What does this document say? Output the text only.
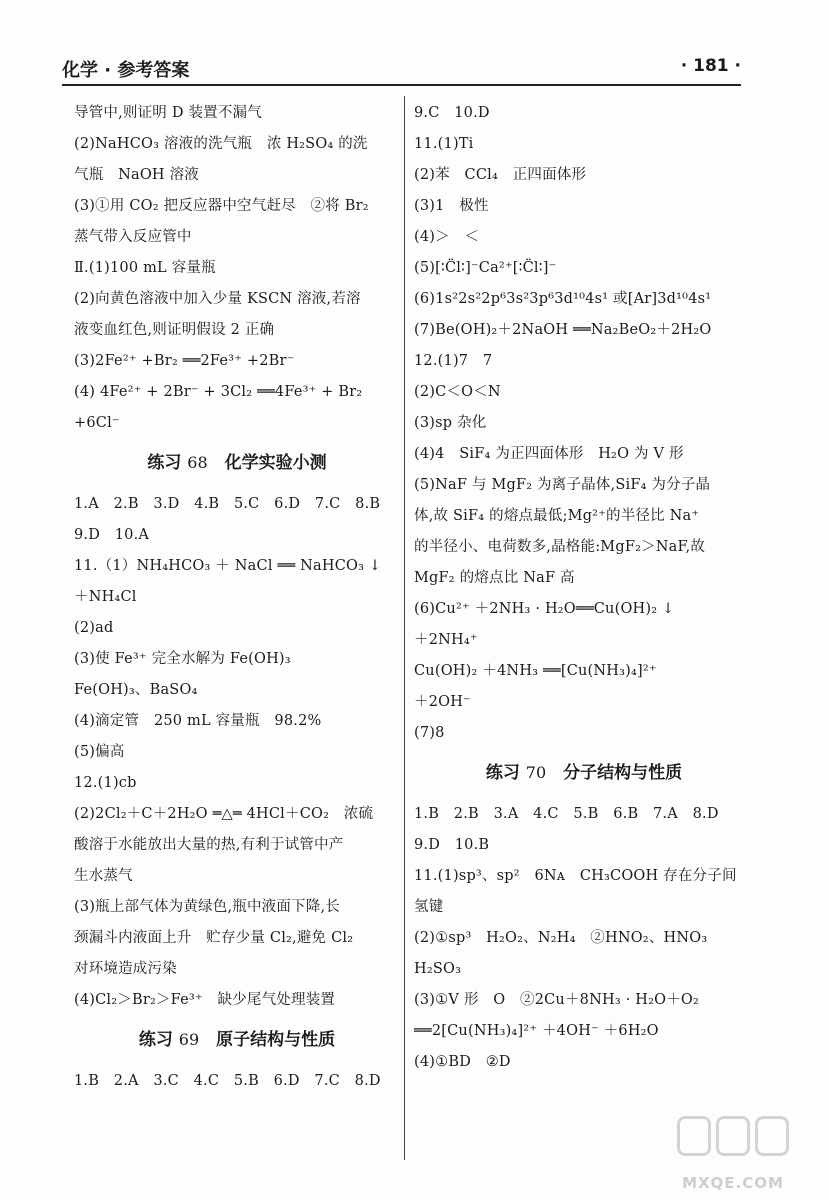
化学 · 参考答案	· 181 ·
导管中,则证明 D 装置不漏气
(2)NaHCO₃ 溶液的洗气瓶　浓 H₂SO₄ 的洗
气瓶　NaOH 溶液
(3)①用 CO₂ 把反应器中空气赶尽　②将 Br₂
蒸气带入反应管中
Ⅱ.(1)100 mL 容量瓶
(2)向黄色溶液中加入少量 KSCN 溶液,若溶
液变血红色,则证明假设 2 正确
(3)2Fe²⁺ +Br₂ ══2Fe³⁺ +2Br⁻
(4) 4Fe²⁺ + 2Br⁻ + 3Cl₂ ══4Fe³⁺ + Br₂
+6Cl⁻
练习 68　 化学实验小测
1.A　2.B　3.D　4.B　5.C　6.D　7.C　8.B
9.D　10.A
11.（1）NH₄HCO₃ ＋ NaCl ══ NaHCO₃ ↓
＋NH₄Cl
(2)ad
(3)使 Fe³⁺ 完全水解为 Fe(OH)₃
Fe(OH)₃、BaSO₄
(4)滴定管　250 mL 容量瓶　98.2%
(5)偏高
12.(1)cb
(2)2Cl₂＋C＋2H₂O ═△═ 4HCl＋CO₂　浓硫
酸溶于水能放出大量的热,有利于试管中产
生水蒸气
(3)瓶上部气体为黄绿色,瓶中液面下降,长
颈漏斗内液面上升　贮存少量 Cl₂,避免 Cl₂
对环境造成污染
(4)Cl₂＞Br₂＞Fe³⁺　缺少尾气处理装置
练习 69　 原子结构与性质
1.B　2.A　3.C　4.C　5.B　6.D　7.C　8.D
9.C　10.D
11.(1)Ti
(2)苯　CCl₄　正四面体形
(3)1　极性
(4)＞　＜
(5)[∶C̈l∶]⁻Ca²⁺[∶C̈l∶]⁻
(6)1s²2s²2p⁶3s²3p⁶3d¹⁰4s¹ 或[Ar]3d¹⁰4s¹
(7)Be(OH)₂＋2NaOH ══Na₂BeO₂＋2H₂O
12.(1)7　7
(2)C＜O＜N
(3)sp 杂化
(4)4　SiF₄ 为正四面体形　H₂O 为 V 形
(5)NaF 与 MgF₂ 为离子晶体,SiF₄ 为分子晶
体,故 SiF₄ 的熔点最低;Mg²⁺的半径比 Na⁺
的半径小、电荷数多,晶格能:MgF₂＞NaF,故
MgF₂ 的熔点比 NaF 高
(6)Cu²⁺ ＋2NH₃ · H₂O══Cu(OH)₂ ↓
＋2NH₄⁺
Cu(OH)₂ ＋4NH₃ ══[Cu(NH₃)₄]²⁺
＋2OH⁻
(7)8
练习 70　 分子结构与性质
1.B　2.B　3.A　4.C　5.B　6.B　7.A　8.D
9.D　10.B
11.(1)sp³、sp²　6Nᴀ　CH₃COOH 存在分子间
氢键
(2)①sp³　H₂O₂、N₂H₄　②HNO₂、HNO₃
H₂SO₃
(3)①V 形　O　②2Cu＋8NH₃ · H₂O＋O₂
══2[Cu(NH₃)₄]²⁺ ＋4OH⁻ ＋6H₂O
(4)①BD　②D
MXQE.COM
